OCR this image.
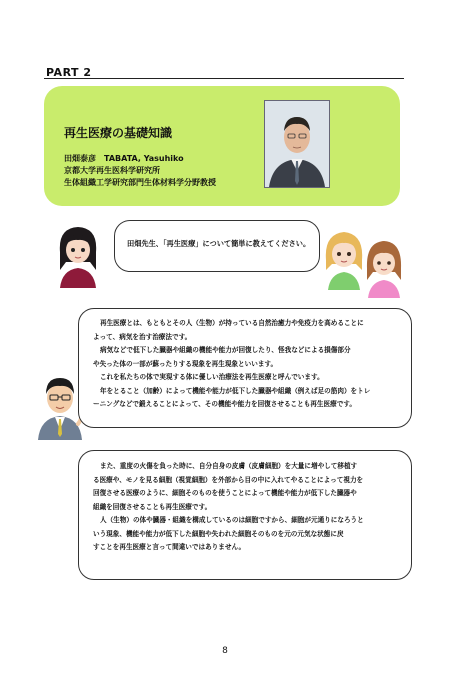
PART 2
再生医療の基礎知識
田畑泰彦　TABATA, Yasuhiko
京都大学再生医科学研究所
生体組織工学研究部門生体材料学分野教授
田畑先生、「再生医療」について簡単に教えてください。
再生医療とは、もともとその人（生物）が持っている自然治癒力や免疫力を高めることに
よって、病気を治す治療法です。
病気などで低下した臓器や組織の機能や能力が回復したり、怪我などによる損傷部分
や失った体の一部が蘇ったりする現象を再生現象といいます。
これを私たちの体で実現する体に優しい治療法を再生医療と呼んでいます。
年をとること（加齢）によって機能や能力が低下した臓器や組織（例えば足の筋肉）をトレ
ーニングなどで鍛えることによって、その機能や能力を回復させることも再生医療です。
また、重度の火傷を負った時に、自分自身の皮膚（皮膚細胞）を大量に増やして移植す
る医療や、モノを見る細胞（視覚細胞）を外部から目の中に入れてやることによって視力を
回復させる医療のように、細胞そのものを使うことによって機能や能力が低下した臓器や
組織を回復させることも再生医療です。
人（生物）の体や臓器・組織を構成しているのは細胞ですから、細胞が元通りになろうと
いう現象、機能や能力が低下した細胞や失われた細胞そのものを元の元気な状態に戻
すことを再生医療と言って間違いではありません。
8
